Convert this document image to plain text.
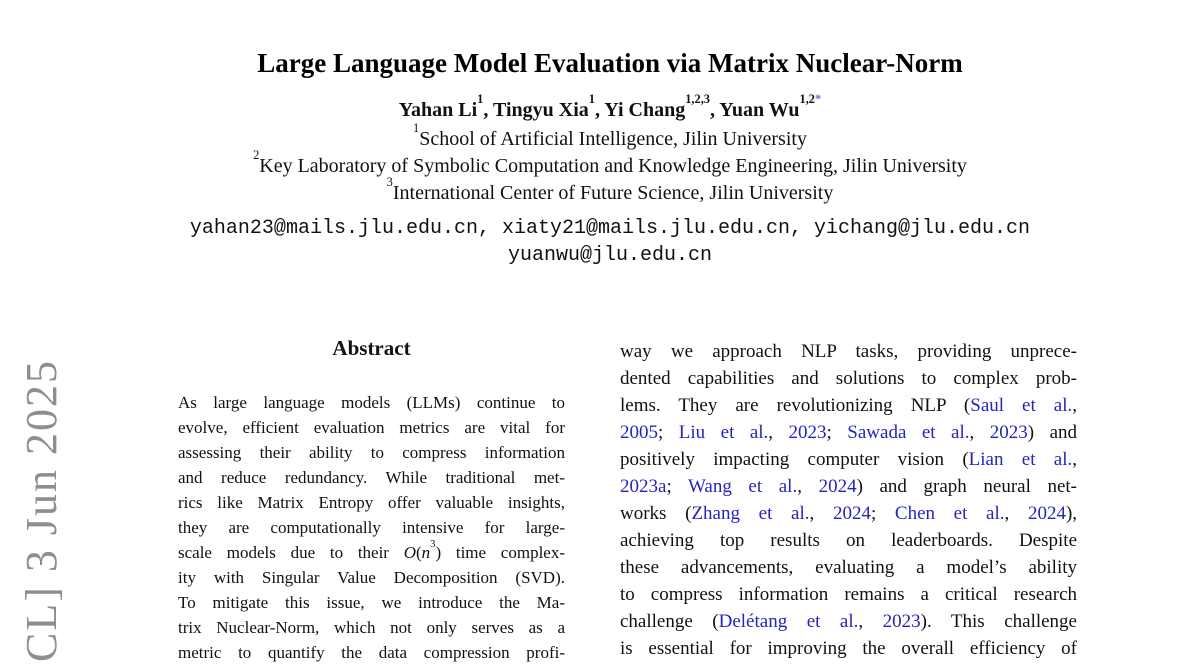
CL] 3 Jun 2025
Large Language Model Evaluation via Matrix Nuclear-Norm
Yahan Li$^1$, Tingyu Xia$^1$, Yi Chang$^{1,2,3}$, Yuan $Wu^{1,2*}$
$^1$School of Artificial Intelligence, Jilin University
$^2$Key Laboratory of Symbolic Computation and Knowledge Engineering, Jilin University
$^3$International Center of Future Science, Jilin University
yahan23@mails.jlu.edu.cn, xiaty21@mails.jlu.edu.cn, yichang@jlu.edu.cn
yuanwu@jlu.edu.cn
Abstract
As large language models (LLMs) continue to
evolve, efficient evaluation metrics are vital for
assessing their ability to compress information
and reduce redundancy. While traditional met-
rics like Matrix Entropy offer valuable insights,
they are computationally intensive for large-
scale models due to their $O(n^3)$ time complex-
ity with Singular Value Decomposition (SVD).
To mitigate this issue, we introduce the Ma-
trix Nuclear-Norm, which not only serves as a
metric to quantify the data compression profi-
way we approach NLP tasks, providing unprece-
dented capabilities and solutions to complex prob-
lems. They are revolutionizing NLP (Saul et al.,
2005; Liu et al., 2023; Sawada et al., 2023) and
positively impacting computer vision (Lian et al.,
2023a; Wang et al., 2024) and graph neural net-
works (Zhang et al., 2024; Chen et al., 2024),
achieving top results on leaderboards. Despite
these advancements, evaluating a model’s ability
to compress information remains a critical research
challenge (Delétang et al., 2023). This challenge
is essential for improving the overall efficiency of
